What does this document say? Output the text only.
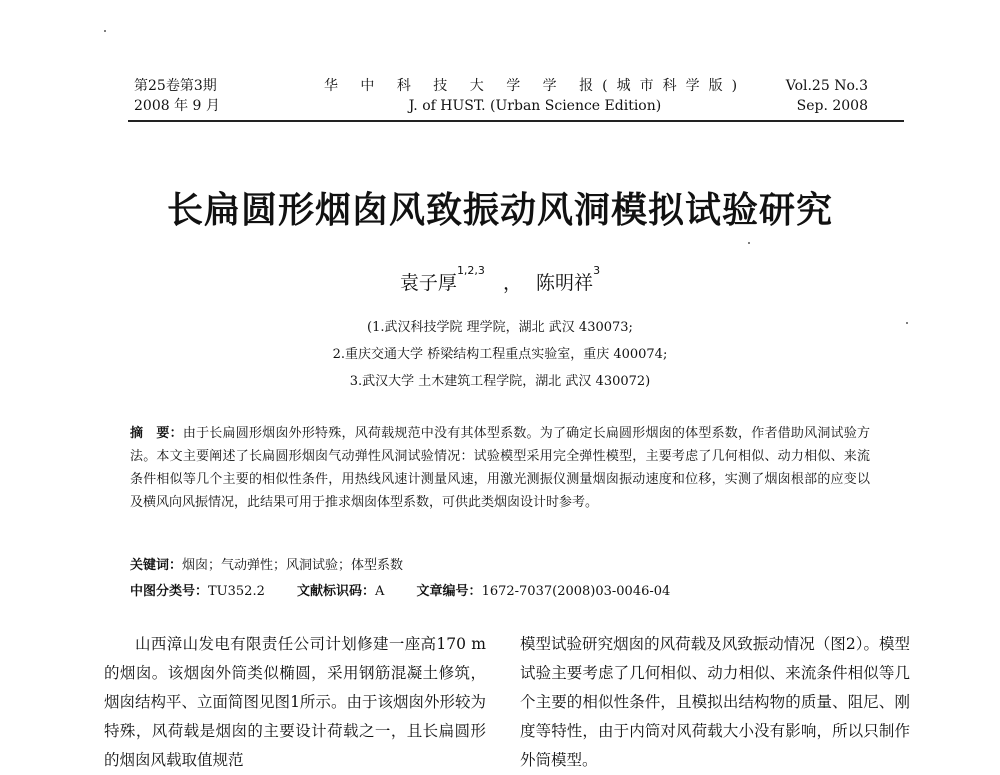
第25卷第3期
2008 年 9 月
华 中 科 技 大 学 学 报(城市科学版)
J. of HUST. (Urban Science Edition)
Vol.25 No.3
Sep. 2008
长扁圆形烟囱风致振动风洞模拟试验研究
袁子厚$^{1,2,3}$ ， 陈明祥$^3$
(1.武汉科技学院 理学院，湖北 武汉 430073;
2.重庆交通大学 桥梁结构工程重点实验室，重庆 400074;
3.武汉大学 土木建筑工程学院，湖北 武汉 430072)
摘　要：由于长扁圆形烟囱外形特殊，风荷载规范中没有其体型系数。为了确定长扁圆形烟囱的体型系数，作者借助风洞试验方法。本文主要阐述了长扁圆形烟囱气动弹性风洞试验情况：试验模型采用完全弹性模型，主要考虑了几何相似、动力相似、来流条件相似等几个主要的相似性条件，用热线风速计测量风速，用激光测振仪测量烟囱振动速度和位移，实测了烟囱根部的应变以及横风向风振情况，此结果可用于推求烟囱体型系数，可供此类烟囱设计时参考。
关键词：烟囱；气动弹性；风洞试验；体型系数
中图分类号：TU352.2 文献标识码：A 文章编号：1672-7037(2008)03-0046-04
山西漳山发电有限责任公司计划修建一座高170 m的烟囱。该烟囱外筒类似椭圆，采用钢筋混凝土修筑，烟囱结构平、立面简图见图1所示。由于该烟囱外形较为特殊，风荷载是烟囱的主要设计荷载之一，且长扁圆形的烟囱风载取值规范
模型试验研究烟囱的风荷载及风致振动情况（图2）。模型试验主要考虑了几何相似、动力相似、来流条件相似等几个主要的相似性条件，且模拟出结构物的质量、阻尼、刚度等特性，由于内筒对风荷载大小没有影响，所以只制作外筒模型。
